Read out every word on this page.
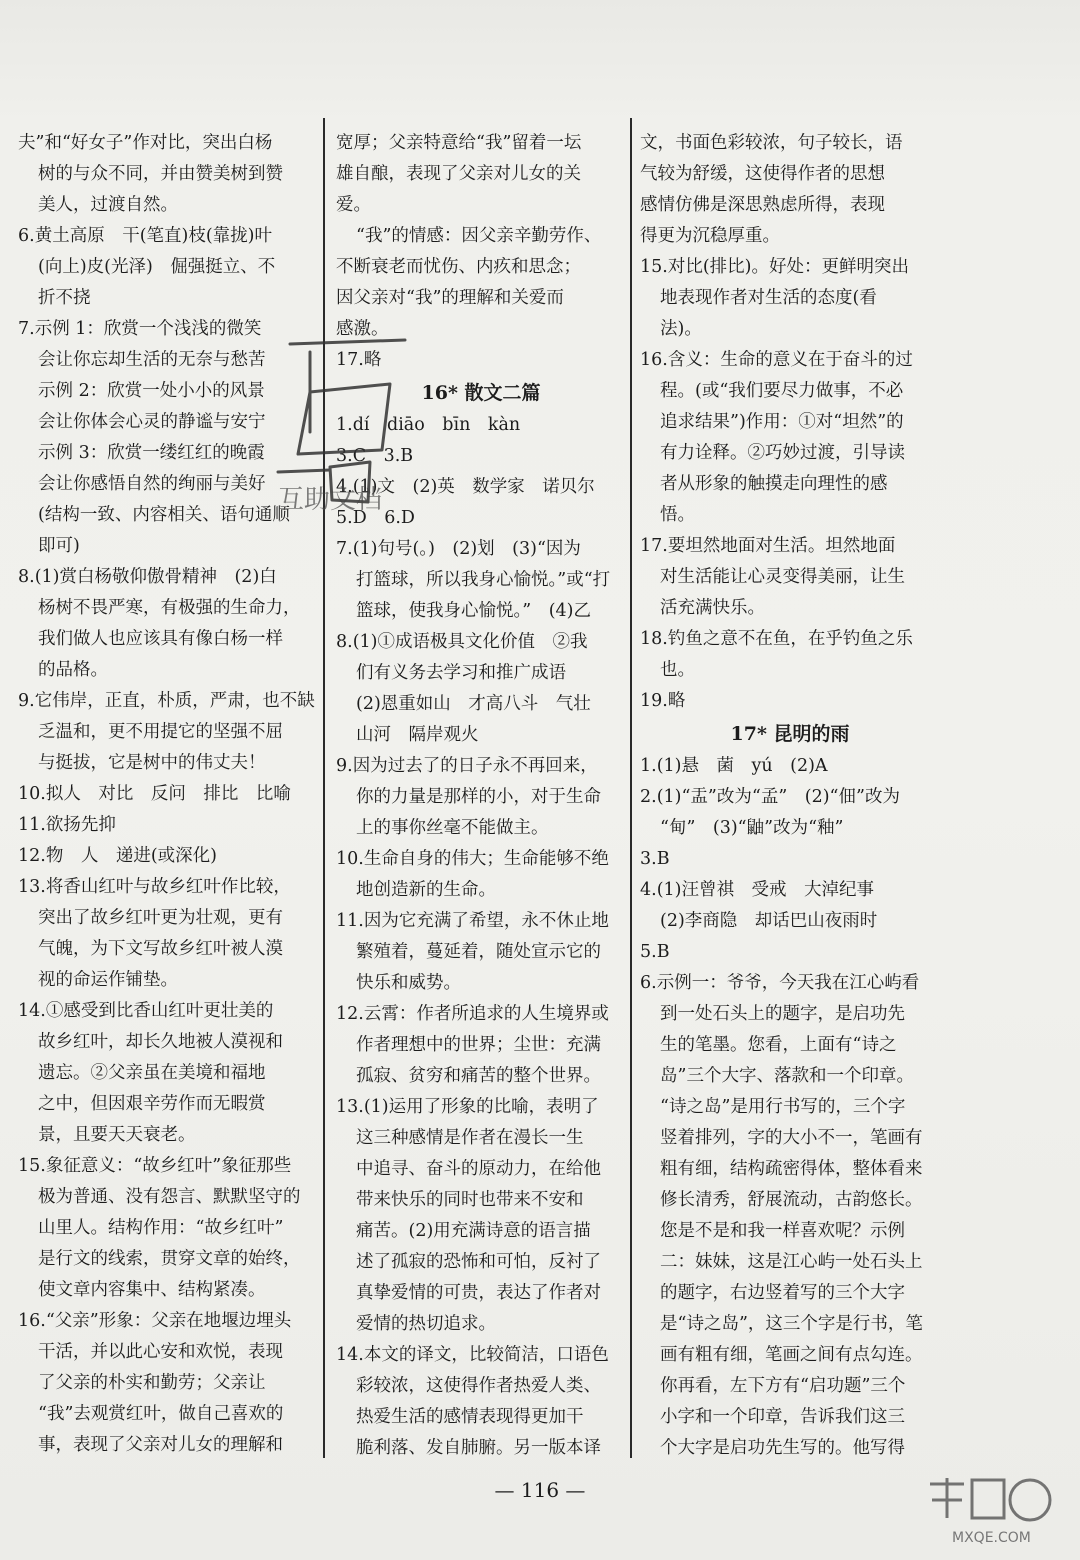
夫”和“好女子”作对比，突出白杨
树的与众不同，并由赞美树到赞
美人，过渡自然。
6.黄土高原　干(笔直)枝(靠拢)叶
(向上)皮(光泽)　倔强挺立、不
折不挠
7.示例 1：欣赏一个浅浅的微笑
会让你忘却生活的无奈与愁苦
示例 2：欣赏一处小小的风景
会让你体会心灵的静谧与安宁
示例 3：欣赏一缕红红的晚霞
会让你感悟自然的绚丽与美好
(结构一致、内容相关、语句通顺
即可)
8.(1)赏白杨敬仰傲骨精神　(2)白
杨树不畏严寒，有极强的生命力，
我们做人也应该具有像白杨一样
的品格。
9.它伟岸，正直，朴质，严肃，也不缺
乏温和，更不用提它的坚强不屈
与挺拔，它是树中的伟丈夫！
10.拟人　对比　反问　排比　比喻
11.欲扬先抑
12.物　人　递进(或深化)
13.将香山红叶与故乡红叶作比较，
突出了故乡红叶更为壮观，更有
气魄，为下文写故乡红叶被人漠
视的命运作铺垫。
14.①感受到比香山红叶更壮美的
故乡红叶，却长久地被人漠视和
遗忘。②父亲虽在美境和福地
之中，但因艰辛劳作而无暇赏
景，且要天天衰老。
15.象征意义：“故乡红叶”象征那些
极为普通、没有怨言、默默坚守的
山里人。结构作用：“故乡红叶”
是行文的线索，贯穿文章的始终，
使文章内容集中、结构紧凑。
16.“父亲”形象：父亲在地堰边埋头
干活，并以此心安和欢悦，表现
了父亲的朴实和勤劳；父亲让
“我”去观赏红叶，做自己喜欢的
事，表现了父亲对儿女的理解和
宽厚；父亲特意给“我”留着一坛
雄自酿，表现了父亲对儿女的关
爱。
“我”的情感：因父亲辛勤劳作、
不断衰老而忧伤、内疚和思念；
因父亲对“我”的理解和关爱而
感激。
17.略
16* 散文二篇
1.dí　diāo　bīn　kàn
3.C　3.B
4.(1)文　(2)英　数学家　诺贝尔
5.D　6.D
7.(1)句号(。)　(2)划　(3)“因为
打篮球，所以我身心愉悦。”或“打
篮球，使我身心愉悦。”　(4)乙
8.(1)①成语极具文化价值　②我
们有义务去学习和推广成语
(2)恩重如山　才高八斗　气壮
山河　隔岸观火
9.因为过去了的日子永不再回来，
你的力量是那样的小，对于生命
上的事你丝毫不能做主。
10.生命自身的伟大；生命能够不绝
地创造新的生命。
11.因为它充满了希望，永不休止地
繁殖着，蔓延着，随处宣示它的
快乐和威势。
12.云霄：作者所追求的人生境界或
作者理想中的世界；尘世：充满
孤寂、贫穷和痛苦的整个世界。
13.(1)运用了形象的比喻，表明了
这三种感情是作者在漫长一生
中追寻、奋斗的原动力，在给他
带来快乐的同时也带来不安和
痛苦。(2)用充满诗意的语言描
述了孤寂的恐怖和可怕，反衬了
真挚爱情的可贵，表达了作者对
爱情的热切追求。
14.本文的译文，比较简洁，口语色
彩较浓，这使得作者热爱人类、
热爱生活的感情表现得更加干
脆利落、发自肺腑。另一版本译
文，书面色彩较浓，句子较长，语
气较为舒缓，这使得作者的思想
感情仿佛是深思熟虑所得，表现
得更为沉稳厚重。
15.对比(排比)。好处：更鲜明突出
地表现作者对生活的态度(看
法)。
16.含义：生命的意义在于奋斗的过
程。(或“我们要尽力做事，不必
追求结果”)作用：①对“坦然”的
有力诠释。②巧妙过渡，引导读
者从形象的触摸走向理性的感
悟。
17.要坦然地面对生活。坦然地面
对生活能让心灵变得美丽，让生
活充满快乐。
18.钓鱼之意不在鱼，在乎钓鱼之乐
也。
19.略
17* 昆明的雨
1.(1)悬　菌　yú　(2)A
2.(1)“盂”改为“孟”　(2)“佃”改为
“甸”　(3)“鼬”改为“釉”
3.B
4.(1)汪曾祺　受戒　大淖纪事
(2)李商隐　却话巴山夜雨时
5.B
6.示例一：爷爷，今天我在江心屿看
到一处石头上的题字，是启功先
生的笔墨。您看，上面有“诗之
岛”三个大字、落款和一个印章。
“诗之岛”是用行书写的，三个字
竖着排列，字的大小不一，笔画有
粗有细，结构疏密得体，整体看来
修长清秀，舒展流动，古韵悠长。
您是不是和我一样喜欢呢？示例
二：妹妹，这是江心屿一处石头上
的题字，右边竖着写的三个大字
是“诗之岛”，这三个字是行书，笔
画有粗有细，笔画之间有点勾连。
你再看，左下方有“启功题”三个
小字和一个印章，告诉我们这三
个大字是启功先生写的。他写得
互助文档
— 116 —
MXQE.COM
